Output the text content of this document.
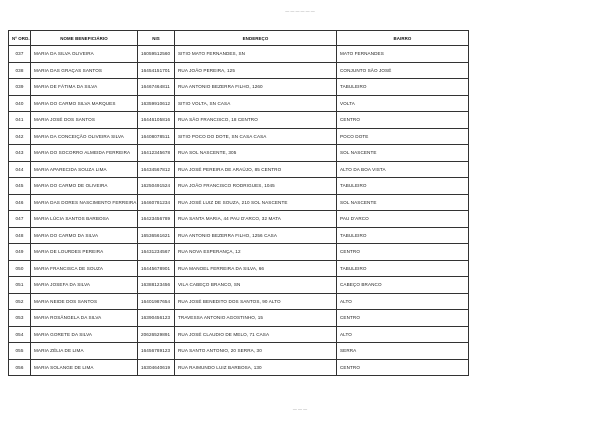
— — — — — —
Nº ORD.	NOME BENEFICIÁRIO	NIS	ENDEREÇO	BAIRRO
037	MARIA DA SILVA OLIVEIRA	16059512560	SITIO MATO FERNANDES, SN	MATO FERNANDES
038	MARIA DAS GRAÇAS SANTOS	16454151701	RUA JOÃO PEREIRA, 125	CONJUNTO SÃO JOSÉ
039	MARIA DE FÁTIMA DA SILVA	16467464811	RUA ANTONIO BEZERRA FILHO, 1260	TABULEIRO
040	MARIA DO CARMO SILVA MARQUES	16359910612	SITIO VOLTA, SN CASA	VOLTA
041	MARIA JOSÉ DOS SANTOS	16446105816	RUA SÃO FRANCISCO, 18 CENTRO	CENTRO
042	MARIA DA CONCEIÇÃO OLIVEIRA SILVA	16408078511	SITIO POCO DO DOTE, SN CASA CASA	POCO DOTE
043	MARIA DO SOCORRO ALMEIDA FERREIRA	16412345678	RUA SOL NASCENTE, 305	SOL NASCENTE
044	MARIA APARECIDA SOUZA LIMA	16434567812	RUA JOSÉ PEREIRA DE ARAÚJO, 85 CENTRO	ALTO DA BOA VISTA
045	MARIA DO CARMO DE OLIVEIRA	16250491524	RUA JOÃO FRANCISCO RODRIGUES, 1045	TABULEIRO
046	MARIA DAS DORES NASCIMENTO FERREIRA	16460781234	RUA JOSÉ LUIZ DE SOUZA, 210 SOL NASCENTE	SOL NASCENTE
047	MARIA LÚCIA SANTOS BARBOSA	16423456789	RUA SANTA MARIA, 44 PAU D'ARCO, 32 MATA	PAU D'ARCO
048	MARIA DO CARMO DA SILVA	16536561621	RUA ANTONIO BEZERRA FILHO, 1256 CASA	TABULEIRO
049	MARIA DE LOURDES PEREIRA	16431234567	RUA NOVA ESPERANÇA, 12	CENTRO
050	MARIA FRANCISCA DE SOUZA	16445678901	RUA MANOEL FERREIRA DA SILVA, 66	TABULEIRO
051	MARIA JOSEFA DA SILVA	16388123456	VILA CABEÇO BRANCO, SN	CABEÇO BRANCO
052	MARIA NEIDE DOS SANTOS	16401987654	RUA JOSÉ BENEDITO DOS SANTOS, 90 ALTO	ALTO
053	MARIA ROSÂNGELA DA SILVA	16390456123	TRAVESSA ANTONIO AGOSTINHO, 15	CENTRO
054	MARIA GORETE DA SILVA	20626529891	RUA JOSÉ CLAUDIO DE MELO, 71 CASA	ALTO
055	MARIA ZÉLIA DE LIMA	16456789123	RUA SANTO ANTONIO, 20 SERRA, 30	SERRA
056	MARIA SOLANGE DE LIMA	16304640619	RUA RAIMUNDO LUIZ BARBOSA, 130	CENTRO
— — —
